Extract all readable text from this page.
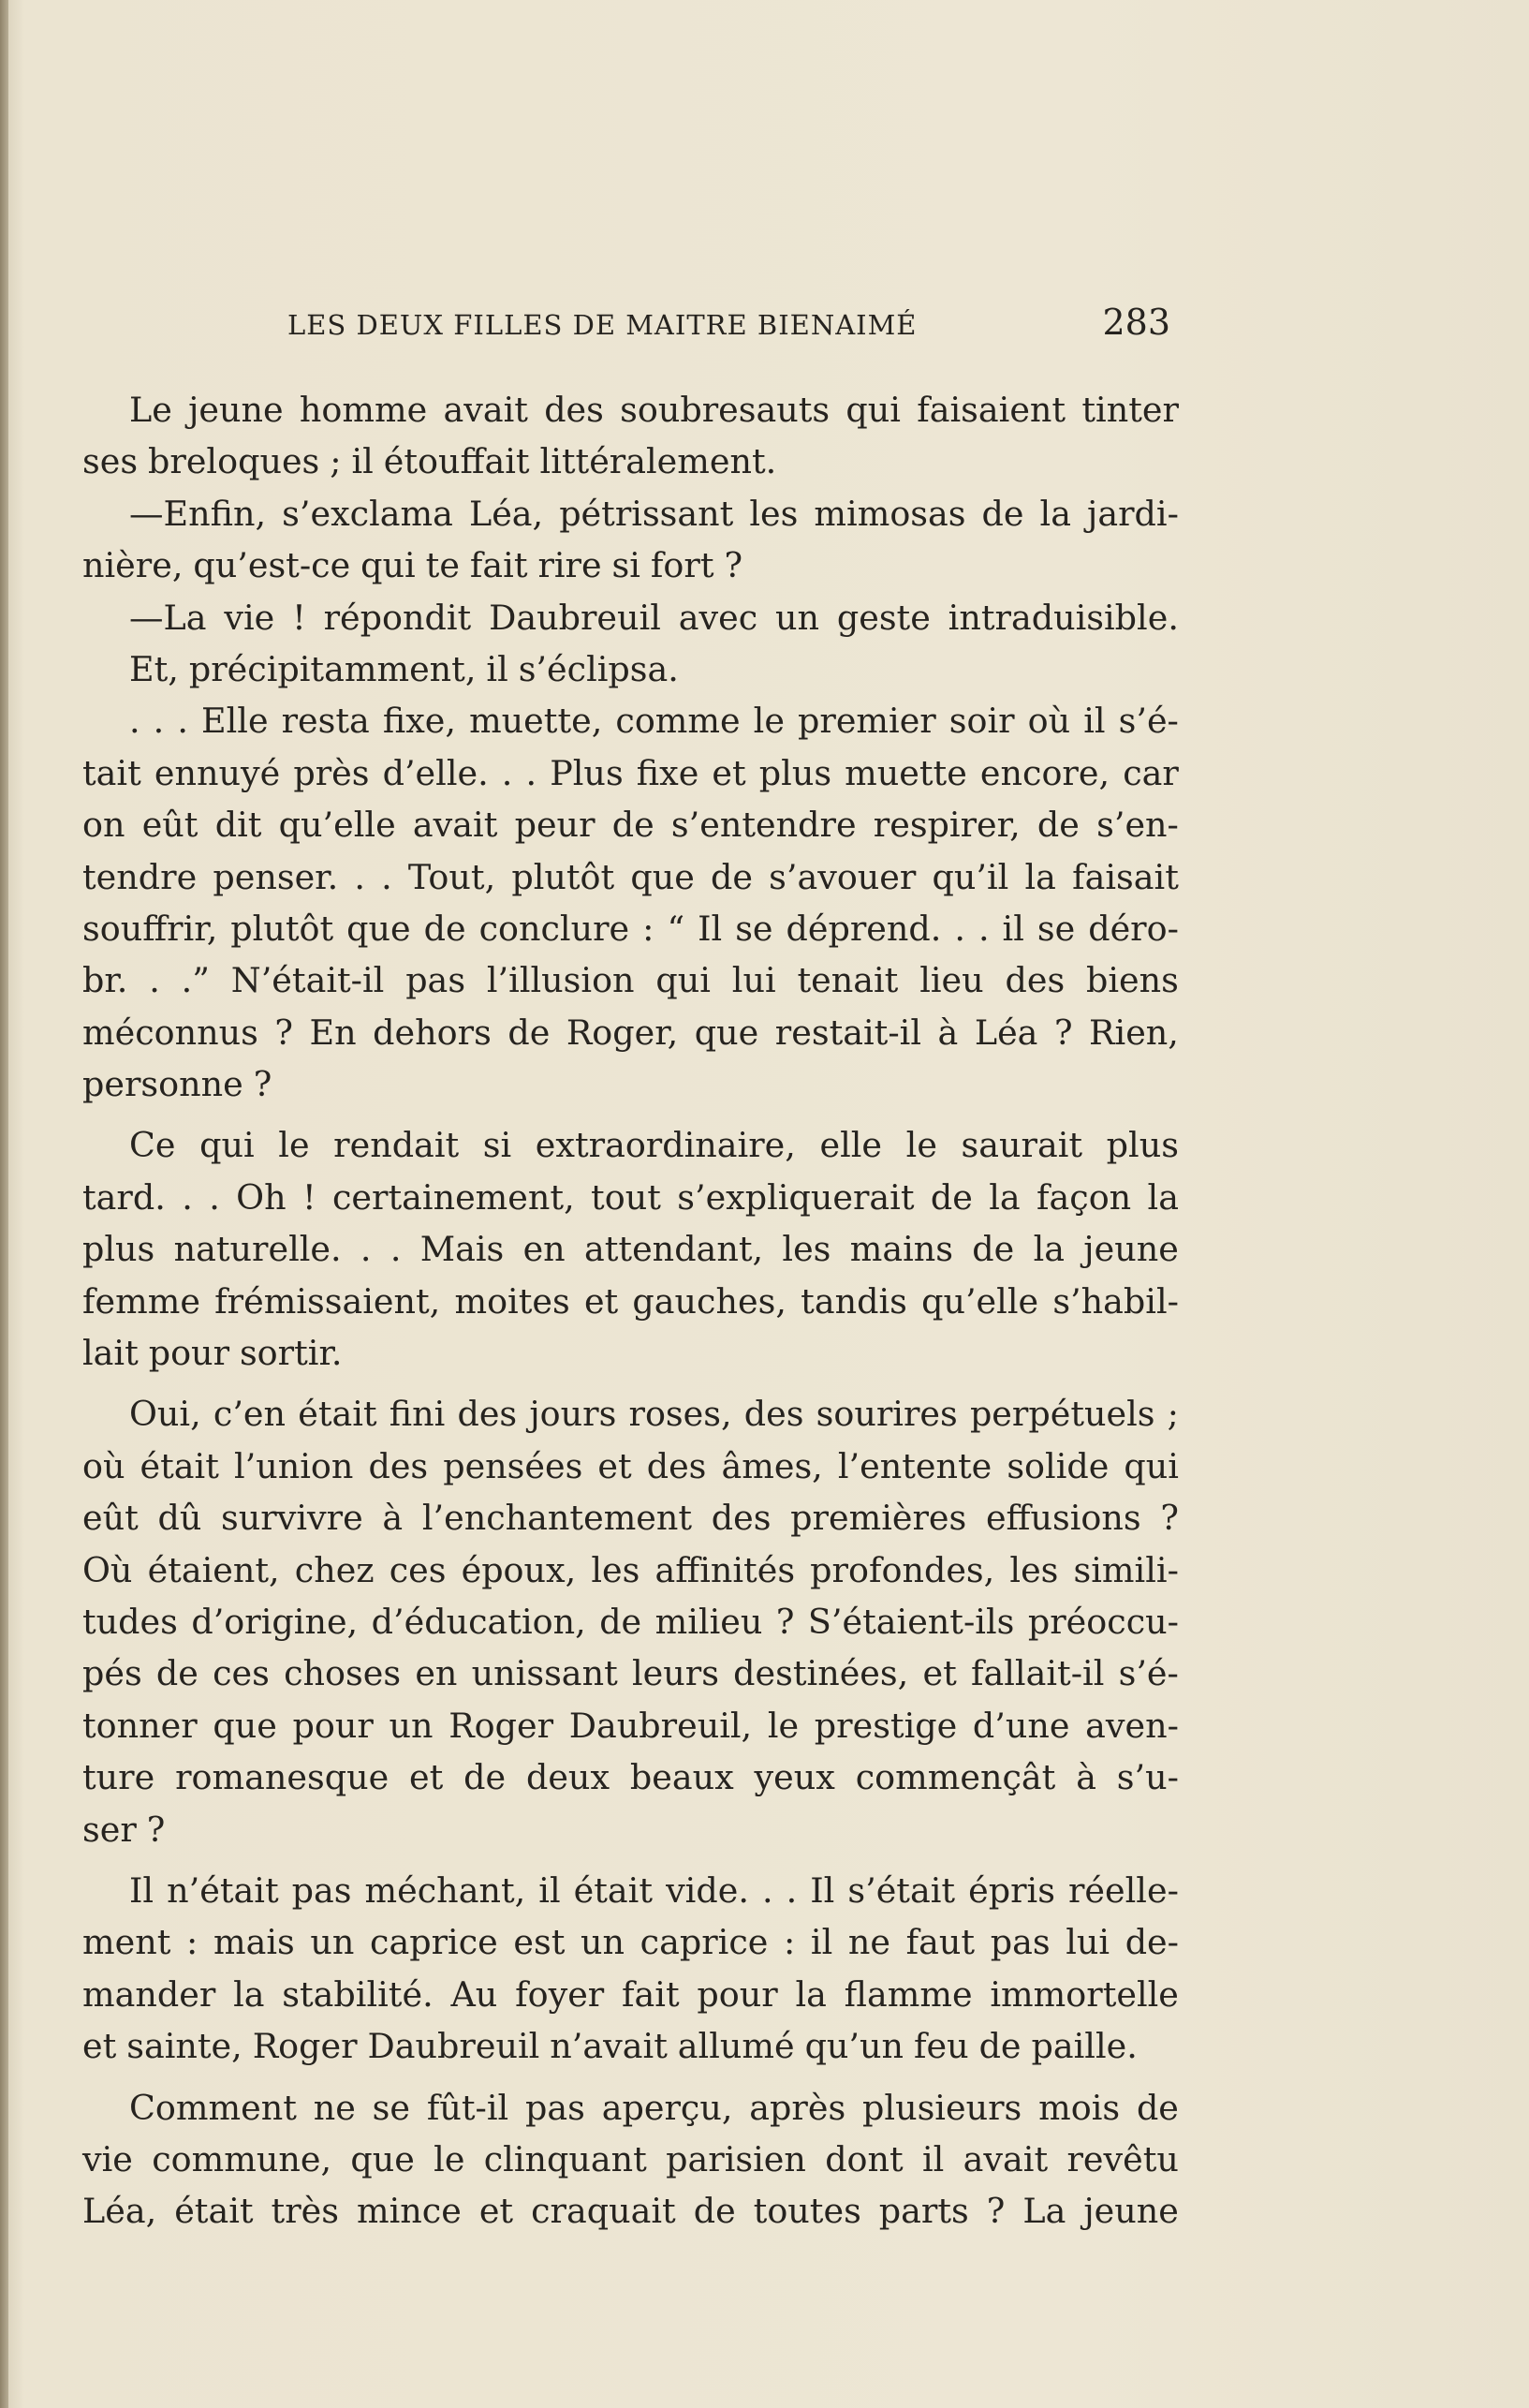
LES DEUX FILLES DE MAITRE BIENAIMÉ	283
Le jeune homme avait des soubresauts qui faisaient tinter
ses breloques ; il étouffait littéralement.
—Enfin, s’exclama Léa, pétrissant les mimosas de la jardi-
nière, qu’est-ce qui te fait rire si fort ?
—La vie ! répondit Daubreuil avec un geste intraduisible.
Et, précipitamment, il s’éclipsa.
. . . Elle resta fixe, muette, comme le premier soir où il s’é-
tait ennuyé près d’elle. . . Plus fixe et plus muette encore, car
on eût dit qu’elle avait peur de s’entendre respirer, de s’en-
tendre penser. . . Tout, plutôt que de s’avouer qu’il la faisait
souffrir, plutôt que de conclure : “ Il se déprend. . . il se déro-
br. . .” N’était-il pas l’illusion qui lui tenait lieu des biens
méconnus ? En dehors de Roger, que restait-il à Léa ? Rien,
personne ?
Ce qui le rendait si extraordinaire, elle le saurait plus
tard. . . Oh ! certainement, tout s’expliquerait de la façon la
plus naturelle. . . Mais en attendant, les mains de la jeune
femme frémissaient, moites et gauches, tandis qu’elle s’habil-
lait pour sortir.
Oui, c’en était fini des jours roses, des sourires perpétuels ;
où était l’union des pensées et des âmes, l’entente solide qui
eût dû survivre à l’enchantement des premières effusions ?
Où étaient, chez ces époux, les affinités profondes, les simili-
tudes d’origine, d’éducation, de milieu ? S’étaient-ils préoccu-
pés de ces choses en unissant leurs destinées, et fallait-il s’é-
tonner que pour un Roger Daubreuil, le prestige d’une aven-
ture romanesque et de deux beaux yeux commençât à s’u-
ser ?
Il n’était pas méchant, il était vide. . . Il s’était épris réelle-
ment : mais un caprice est un caprice : il ne faut pas lui de-
mander la stabilité. Au foyer fait pour la flamme immortelle
et sainte, Roger Daubreuil n’avait allumé qu’un feu de paille.
Comment ne se fût-il pas aperçu, après plusieurs mois de
vie commune, que le clinquant parisien dont il avait revêtu
Léa, était très mince et craquait de toutes parts ? La jeune
